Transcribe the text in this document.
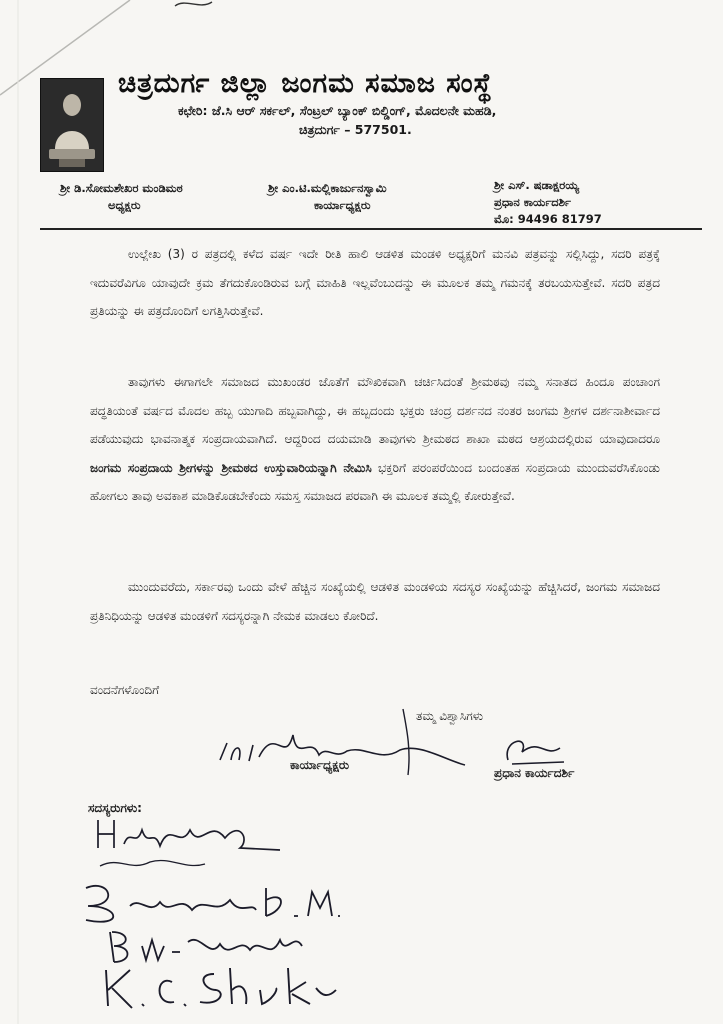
ಚಿತ್ರದುರ್ಗ ಜಿಲ್ಲಾ ಜಂಗಮ ಸಮಾಜ ಸಂಸ್ಥೆ
ಕಛೇರಿ: ಜೆ.ಸಿ ಆರ್ ಸರ್ಕಲ್, ಸೆಂಟ್ರಲ್ ಬ್ಯಾಂಕ್ ಬಿಲ್ಡಿಂಗ್, ಮೊದಲನೇ ಮಹಡಿ,
ಚಿತ್ರದುರ್ಗ – 577501.
ಶ್ರೀ ಡಿ.ಸೋಮಶೇಖರ ಮಂಡಿಮಠ
ಅಧ್ಯಕ್ಷರು
ಶ್ರೀ ಎಂ.ಟಿ.ಮಲ್ಲಿಕಾರ್ಜುನಸ್ವಾಮಿ
ಕಾರ್ಯಾಧ್ಯಕ್ಷರು
ಶ್ರೀ ಎಸ್. ಷಡಾಕ್ಷರಯ್ಯ
ಪ್ರಧಾನ ಕಾರ್ಯದರ್ಶಿ
ಮೊ: 94496 81797

ಉಲ್ಲೇಖ (3) ರ ಪತ್ರದಲ್ಲಿ ಕಳೆದ ವರ್ಷ ಇದೇ ರೀತಿ ಹಾಲಿ ಆಡಳಿತ ಮಂಡಳಿ ಅಧ್ಯಕ್ಷರಿಗೆ ಮನವಿ ಪತ್ರವನ್ನು ಸಲ್ಲಿಸಿದ್ದು, ಸದರಿ ಪತ್ರಕ್ಕೆ ಇದುವರೆವಿಗೂ ಯಾವುದೇ ಕ್ರಮ ತೆಗದುಕೊಂಡಿರುವ ಬಗ್ಗೆ ಮಾಹಿತಿ ಇಲ್ಲವೆಂಬುದನ್ನು ಈ ಮೂಲಕ ತಮ್ಮ ಗಮನಕ್ಕೆ ತರಬಯಸುತ್ತೇವೆ. ಸದರಿ ಪತ್ರದ ಪ್ರತಿಯನ್ನು ಈ ಪತ್ರದೊಂದಿಗೆ ಲಗತ್ತಿಸಿರುತ್ತೇವೆ.

ತಾವುಗಳು ಈಗಾಗಲೇ ಸಮಾಜದ ಮುಖಂಡರ ಜೊತೆಗೆ ಮೌಖಿಕವಾಗಿ ಚರ್ಚಿಸಿದಂತೆ ಶ್ರೀಮಠವು ನಮ್ಮ ಸನಾತದ ಹಿಂದೂ ಪಂಚಾಂಗ ಪದ್ಧತಿಯಂತೆ ವರ್ಷದ ಮೊದಲ ಹಬ್ಬ ಯುಗಾದಿ ಹಬ್ಬವಾಗಿದ್ದು, ಈ ಹಬ್ಬದಂದು ಭಕ್ತರು ಚಂದ್ರ ದರ್ಶನದ ನಂತರ ಜಂಗಮ ಶ್ರೀಗಳ ದರ್ಶನಾಶೀರ್ವಾದ ಪಡೆಯುವುದು ಭಾವನಾತ್ಮಕ ಸಂಪ್ರದಾಯವಾಗಿದೆ. ಆದ್ದರಿಂದ ದಯಮಾಡಿ ತಾವುಗಳು ಶ್ರೀಮಠದ ಶಾಖಾ ಮಠದ ಆಶ್ರಯದಲ್ಲಿರುವ ಯಾವುದಾದರೂ ಜಂಗಮ ಸಂಪ್ರದಾಯ ಶ್ರೀಗಳನ್ನು ಶ್ರೀಮಠದ ಉಸ್ತುವಾರಿಯನ್ನಾಗಿ ನೇಮಿಸಿ ಭಕ್ತರಿಗೆ ಪರಂಪರೆಯಿಂದ ಬಂದಂತಹ ಸಂಪ್ರದಾಯ ಮುಂದುವರೆಸಿಕೊಂಡು ಹೋಗಲು ತಾವು ಅವಕಾಶ ಮಾಡಿಕೊಡಬೇಕೆಂದು ಸಮಸ್ತ ಸಮಾಜದ ಪರವಾಗಿ ಈ ಮೂಲಕ ತಮ್ಮಲ್ಲಿ ಕೋರುತ್ತೇವೆ.

ಮುಂದುವರೆದು, ಸರ್ಕಾರವು ಒಂದು ವೇಳೆ ಹೆಚ್ಚಿನ ಸಂಖ್ಯೆಯಲ್ಲಿ ಆಡಳಿತ ಮಂಡಳಿಯ ಸದಸ್ಯರ ಸಂಖ್ಯೆಯನ್ನು ಹೆಚ್ಚಿಸಿದರೆ, ಜಂಗಮ ಸಮಾಜದ ಪ್ರತಿನಿಧಿಯನ್ನು ಆಡಳಿತ ಮಂಡಳಿಗೆ ಸದಸ್ಯರನ್ನಾಗಿ ನೇಮಕ ಮಾಡಲು ಕೋರಿದೆ.

ವಂದನೆಗಳೊಂದಿಗೆ
ತಮ್ಮ ವಿಶ್ವಾಸಿಗಳು
ಕಾರ್ಯಾಧ್ಯಕ್ಷರು
ಪ್ರಧಾನ ಕಾರ್ಯದರ್ಶಿ
ಸದಸ್ಯರುಗಳು:
